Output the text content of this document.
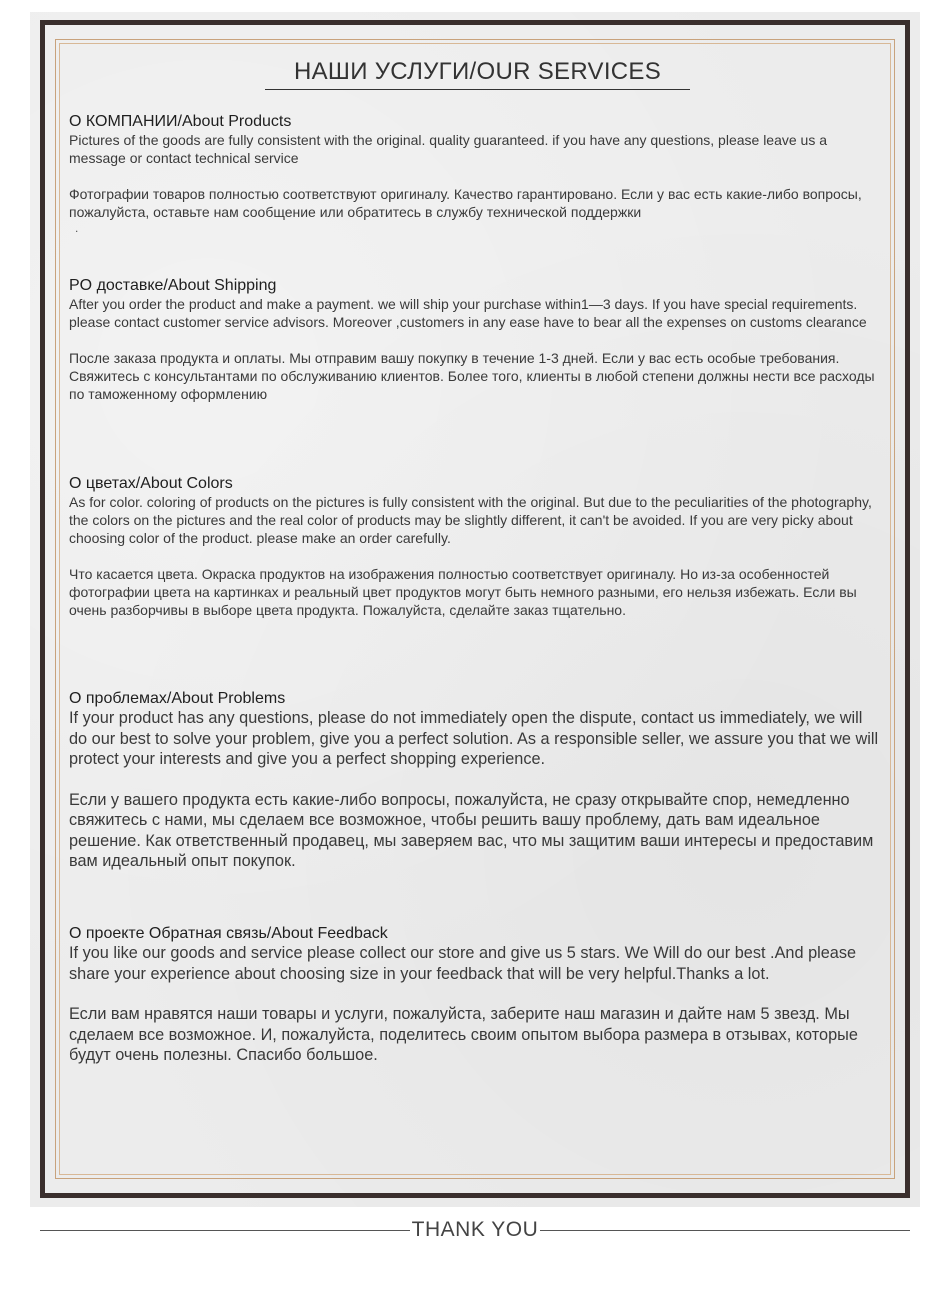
НАШИ УСЛУГИ/OUR SERVICES
О КОМПАНИИ/About Products
Pictures of the goods are fully consistent with the original. quality guaranteed. if you have any questions, please leave us a message or contact technical service
Фотографии товаров полностью соответствуют оригиналу. Качество гарантировано. Если у вас есть какие-либо вопросы, пожалуйста, оставьте нам сообщение или обратитесь в службу технической поддержки
.
PO доставке/About Shipping
After you order the product and make a payment. we will ship your purchase within1—3 days. If you have special requirements. please contact customer service advisors. Moreover ,customers in any ease have to bear all the expenses on customs clearance
После заказа продукта и оплаты. Мы отправим вашу покупку в течение 1-3 дней. Если у вас есть особые требования. Свяжитесь с консультантами по обслуживанию клиентов. Более того, клиенты в любой степени должны нести все расходы по таможенному оформлению
О цветах/About Colors
As for color. coloring of products on the pictures is fully consistent with the original. But due to the peculiarities of the photography, the colors on the pictures and the real color of products may be slightly different, it can't be avoided. If you are very picky about choosing color of the product. please make an order carefully.
Что касается цвета. Окраска продуктов на изображения полностью соответствует оригиналу. Но из-за особенностей фотографии цвета на картинках и реальный цвет продуктов могут быть немного разными, его нельзя избежать. Если вы очень разборчивы в выборе цвета продукта. Пожалуйста, сделайте заказ тщательно.
О проблемах/About Problems
If your product has any questions, please do not immediately open the dispute, contact us immediately, we will do our best to solve your problem, give you a perfect solution. As a responsible seller, we assure you that we will protect your interests and give you a perfect shopping experience.
Если у вашего продукта есть какие-либо вопросы, пожалуйста, не сразу открывайте спор, немедленно свяжитесь с нами, мы сделаем все возможное, чтобы решить вашу проблему, дать вам идеальное решение. Как ответственный продавец, мы заверяем вас, что мы защитим ваши интересы и предоставим вам идеальный опыт покупок.
О проекте Обратная связь/About Feedback
If you like our goods and service please collect our store and give us 5 stars. We Will do our best .And please share your experience about choosing size in your feedback that will be very helpful.Thanks a lot.
Если вам нравятся наши товары и услуги, пожалуйста, заберите наш магазин и дайте нам 5 звезд. Мы сделаем все возможное. И, пожалуйста, поделитесь своим опытом выбора размера в отзывах, которые будут очень полезны. Спасибо большое.
THANK YOU
